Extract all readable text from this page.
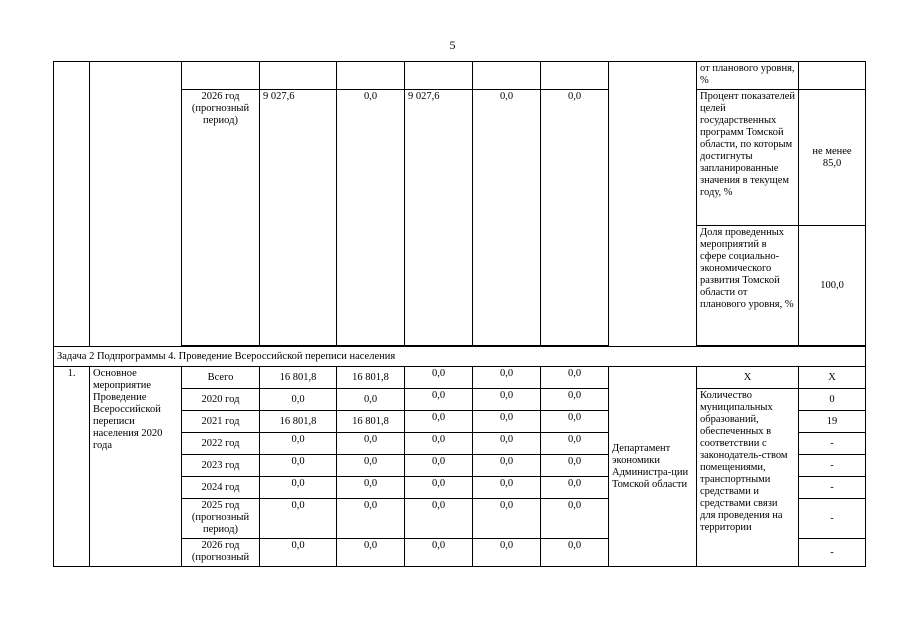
5
									от планового уровня, %	
		2026 год (прогнозный период)	9 027,6	0,0	9 027,6	0,0	0,0		Процент показателей целей государственных программ Томской области, по которым достигнуты запланированные значения в текущем году, %	не менее 85,0
									Доля проведенных мероприятий в сфере социально-экономического развития Томской области от планового уровня, %	100,0

Задача 2 Подпрограммы 4. Проведение Всероссийской переписи населения										
1.	Основное мероприятие Проведение Всероссийской переписи населения 2020 года	Всего	16 801,8	16 801,8	0,0	0,0	0,0	Департамент экономики Администра-ции Томской области	X	X
		2020 год	0,0	0,0	0,0	0,0	0,0		Количество муниципальных образований, обеспеченных в соответствии с законодатель-ством помещениями, транспортными средствами и средствами связи для проведения на территории	0
		2021 год	16 801,8	16 801,8	0,0	0,0	0,0			19
		2022 год	0,0	0,0	0,0	0,0	0,0			-
		2023 год	0,0	0,0	0,0	0,0	0,0			-
		2024 год	0,0	0,0	0,0	0,0	0,0			-
		2025 год (прогнозный период)	0,0	0,0	0,0	0,0	0,0			-
		2026 год (прогнозный	0,0	0,0	0,0	0,0	0,0			-
